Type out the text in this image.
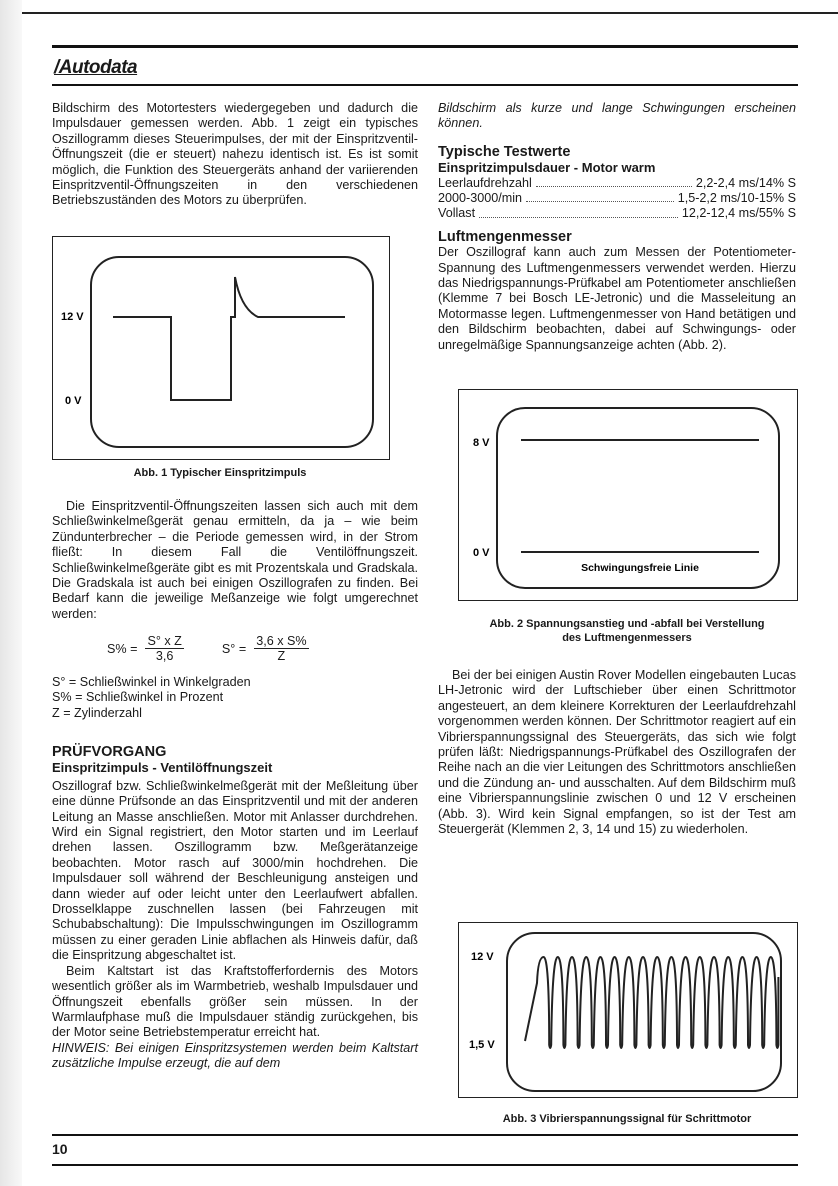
/Autodata

Bildschirm des Motortesters wiedergegeben und dadurch die Impulsdauer gemessen werden. Abb. 1 zeigt ein typisches Oszillogramm dieses Steuerimpulses, der mit der Einspritzventil-Öffnungszeit (die er steuert) nahezu identisch ist. Es ist somit möglich, die Funktion des Steuergeräts anhand der variierenden Einspritzventil-Öffnungszeiten in den verschiedenen Betriebszuständen des Motors zu überprüfen.

12 V
0 V
Abb. 1 Typischer Einspritzimpuls

Die Einspritzventil-Öffnungszeiten lassen sich auch mit dem Schließwinkelmeßgerät genau ermitteln, da ja – wie beim Zündunterbrecher – die Periode gemessen wird, in der Strom fließt: In diesem Fall die Ventilöffnungszeit. Schließwinkelmeßgeräte gibt es mit Prozentskala und Gradskala. Die Gradskala ist auch bei einigen Oszillografen zu finden. Bei Bedarf kann die jeweilige Meßanzeige wie folgt umgerechnet werden:

$S\% = \frac{\text{S° x Z}}{3,6}$	$S^\circ = \frac{\text{3,6 x S\%}}{Z}$
S° = Schließwinkel in Winkelgraden
S% = Schließwinkel in Prozent
Z = Zylinderzahl

PRÜFVORGANG

Einspritzimpuls - Ventilöffnungszeit

Oszillograf bzw. Schließwinkelmeßgerät mit der Meßleitung über eine dünne Prüfsonde an das Einspritzventil und mit der anderen Leitung an Masse anschließen. Motor mit Anlasser durchdrehen. Wird ein Signal registriert, den Motor starten und im Leerlauf drehen lassen. Oszillogramm bzw. Meßgerätanzeige beobachten. Motor rasch auf 3000/min hochdrehen. Die Impulsdauer soll während der Beschleunigung ansteigen und dann wieder auf oder leicht unter den Leerlaufwert abfallen. Drosselklappe zuschnellen lassen (bei Fahrzeugen mit Schubabschaltung): Die Impulsschwingungen im Oszillogramm müssen zu einer geraden Linie abflachen als Hinweis dafür, daß die Einspritzung abgeschaltet ist.

Beim Kaltstart ist das Kraftstofferfordernis des Motors wesentlich größer als im Warmbetrieb, weshalb Impulsdauer und Öffnungszeit ebenfalls größer sein müssen. In der Warmlaufphase muß die Impulsdauer ständig zurückgehen, bis der Motor seine Betriebstemperatur erreicht hat.

HINWEIS: Bei einigen Einspritzsystemen werden beim Kaltstart zusätzliche Impulse erzeugt, die auf dem

Bildschirm als kurze und lange Schwingungen erscheinen können.

Typische Testwerte

Einspritzimpulsdauer - Motor warm

Leerlaufdrehzahl	2,2-2,4 ms/14% S
2000-3000/min	1,5-2,2 ms/10-15% S
Vollast	12,2-12,4 ms/55% S

Luftmengenmesser

Der Oszillograf kann auch zum Messen der Potentiometer-Spannung des Luftmengenmessers verwendet werden. Hierzu das Niedrigspannungs-Prüfkabel am Potentiometer anschließen (Klemme 7 bei Bosch LE-Jetronic) und die Masseleitung an Motormasse legen. Luftmengenmesser von Hand betätigen und den Bildschirm beobachten, dabei auf Schwingungs- oder unregelmäßige Spannungsanzeige achten (Abb. 2).

8 V
0 V
Schwingungsfreie Linie
Abb. 2 Spannungsanstieg und -abfall bei Verstellung
des Luftmengenmessers

Bei der bei einigen Austin Rover Modellen eingebauten Lucas LH-Jetronic wird der Luftschieber über einen Schrittmotor angesteuert, an dem kleinere Korrekturen der Leerlaufdrehzahl vorgenommen werden können. Der Schrittmotor reagiert auf ein Vibrierspannungssignal des Steuergeräts, das sich wie folgt prüfen läßt: Niedrigspannungs-Prüfkabel des Oszillografen der Reihe nach an die vier Leitungen des Schrittmotors anschließen und die Zündung an- und ausschalten. Auf dem Bildschirm muß eine Vibrierspannungslinie zwischen 0 und 12 V erscheinen (Abb. 3). Wird kein Signal empfangen, so ist der Test am Steuergerät (Klemmen 2, 3, 14 und 15) zu wiederholen.

12 V
1,5 V
Abb. 3 Vibrierspannungssignal für Schrittmotor
10
